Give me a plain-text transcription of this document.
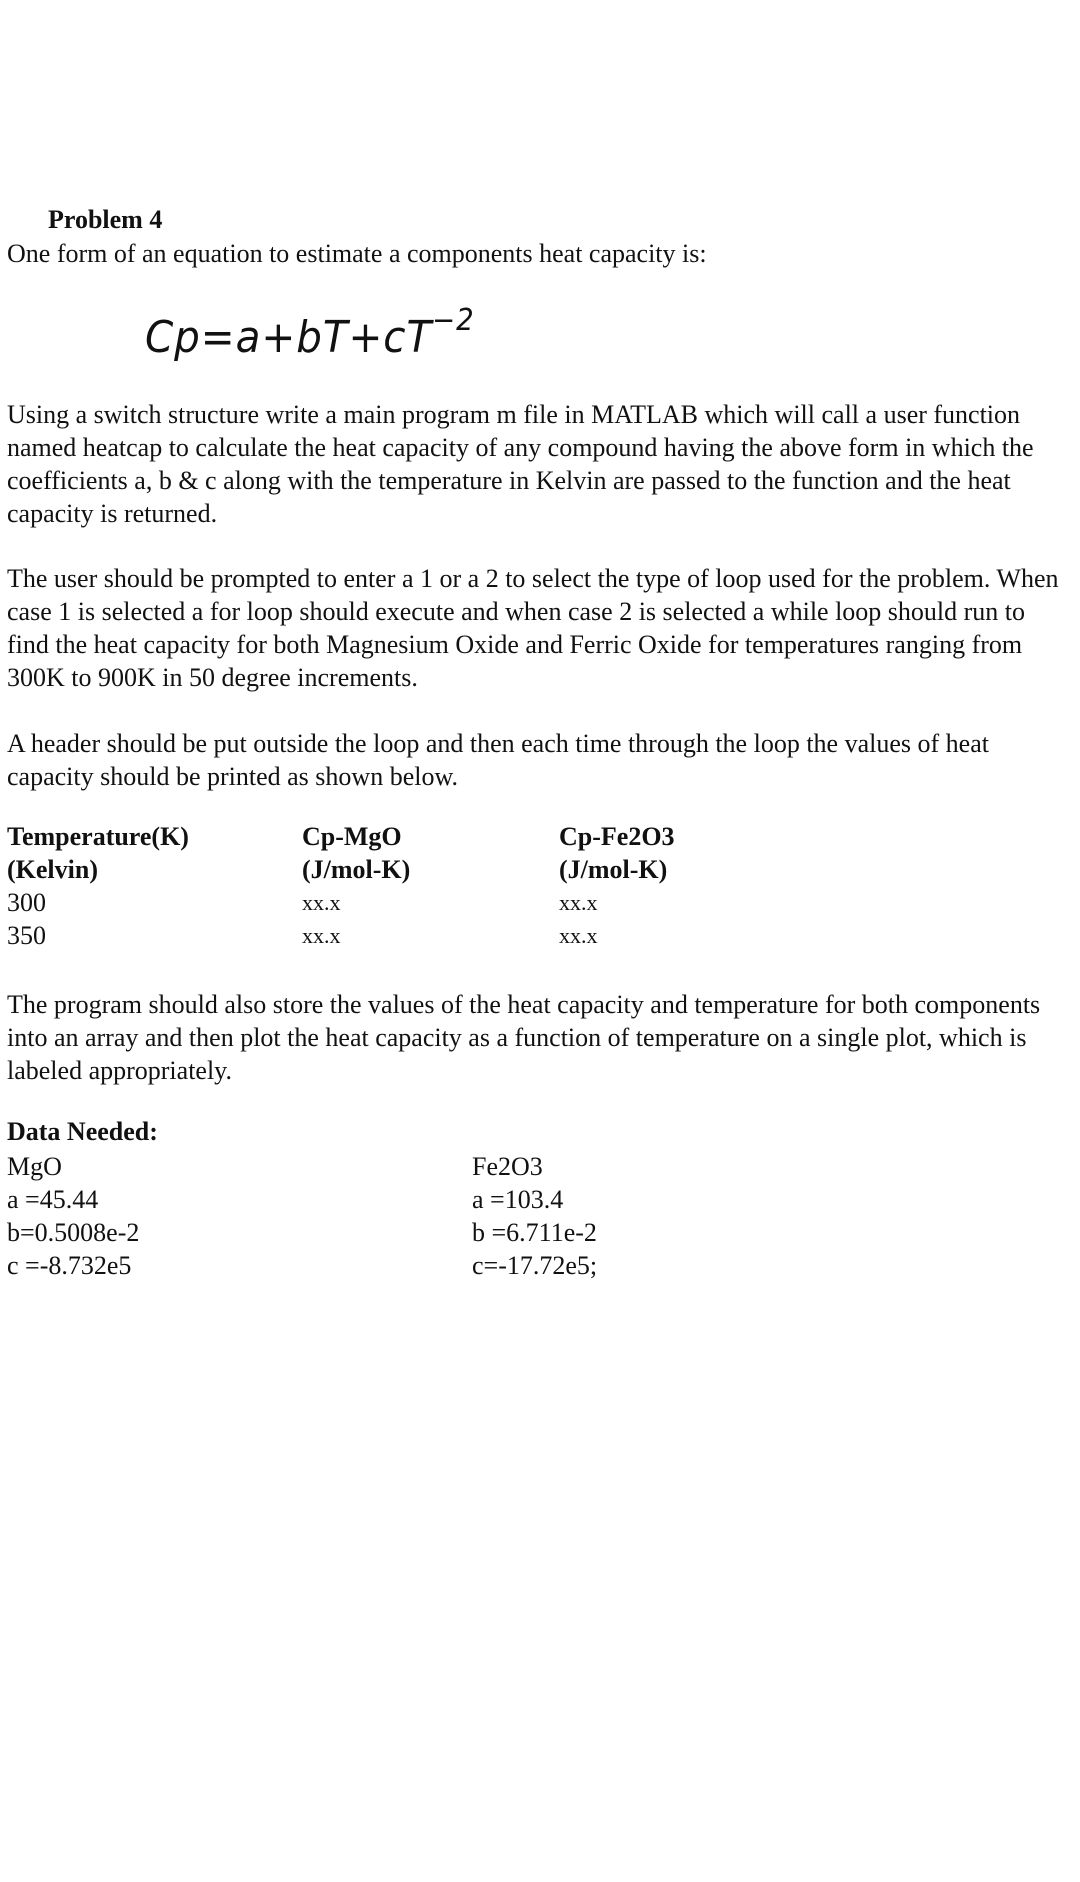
Problem 4
One form of an equation to estimate a components heat capacity is:
$Cp=a+bT+cT^{-2}$
Using a switch structure write a main program m file in MATLAB which will call a user function named heatcap to calculate the heat capacity of any compound having the above form in which the coefficients a, b & c along with the temperature in Kelvin are passed to the function and the heat capacity is returned.
The user should be prompted to enter a 1 or a 2 to select the type of loop used for the problem. When case 1 is selected a for loop should execute and when case 2 is selected a while loop should run to find the heat capacity for both Magnesium Oxide and Ferric Oxide for temperatures ranging from 300K to 900K in 50 degree increments.
A header should be put outside the loop and then each time through the loop the values of heat capacity should be printed as shown below.
Temperature(K)
(Kelvin)
300
350
Cp-MgO
(J/mol-K)
xx.x
xx.x
Cp-Fe2O3
(J/mol-K)
xx.x
xx.x
The program should also store the values of the heat capacity and temperature for both components into an array and then plot the heat capacity as a function of temperature on a single plot, which is labeled appropriately.
Data Needed:
MgO
a =45.44
b=0.5008e-2
c =-8.732e5
Fe2O3
a =103.4
b =6.711e-2
c=-17.72e5;
